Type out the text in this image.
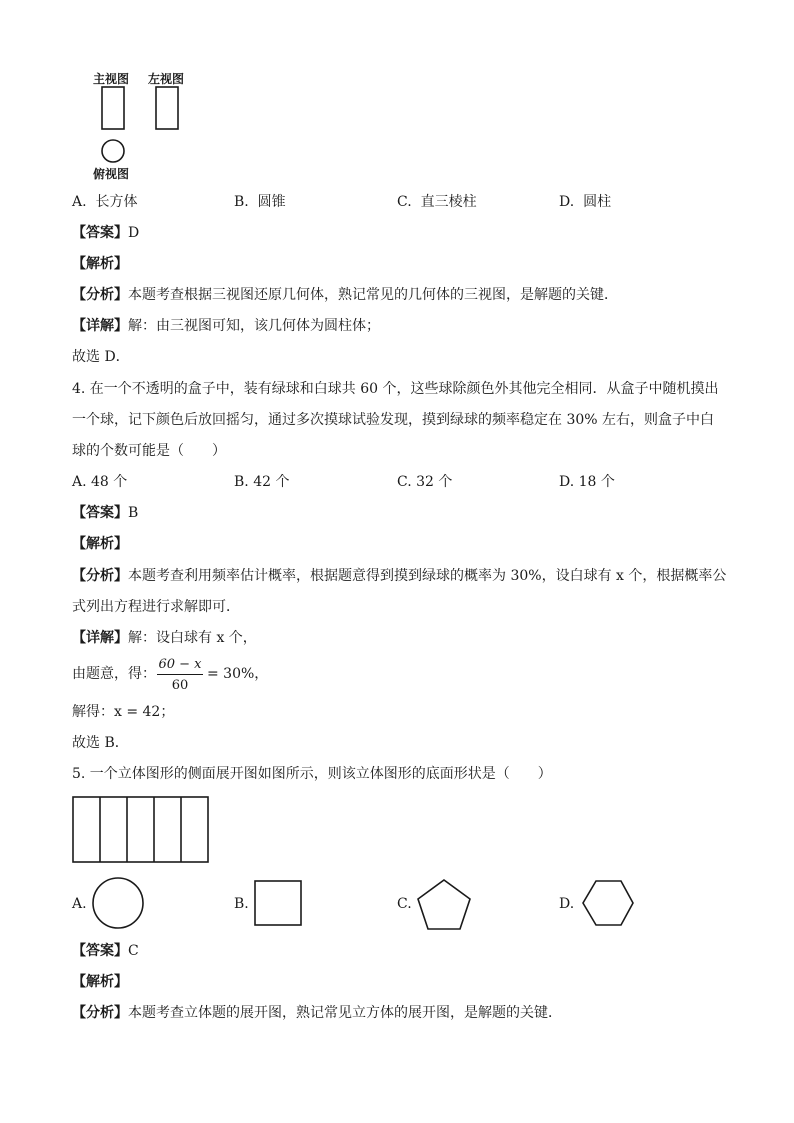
主视图 左视图
俯视图
A. 长方体	B. 圆锥	C. 直三棱柱	D. 圆柱
【答案】D
【解析】
【分析】本题考查根据三视图还原几何体，熟记常见的几何体的三视图，是解题的关键．
【详解】解：由三视图可知，该几何体为圆柱体；
故选 D．
4. 在一个不透明的盒子中，装有绿球和白球共 60 个，这些球除颜色外其他完全相同．从盒子中随机摸出
一个球，记下颜色后放回摇匀，通过多次摸球试验发现，摸到绿球的频率稳定在 30% 左右，则盒子中白
球的个数可能是（　　）
A. 48 个	B. 42 个	C. 32 个	D. 18 个
【答案】B
【解析】
【分析】本题考查利用频率估计概率，根据题意得到摸到绿球的概率为 30%，设白球有 x 个，根据概率公
式列出方程进行求解即可．
【详解】解：设白球有 x 个，
由题意，得：
60 − x
60
= 30%，
解得：x = 42；
故选 B．
5. 一个立体图形的侧面展开图如图所示，则该立体图形的底面形状是（　　）
A.	B.	C.	D.
【答案】C
【解析】
【分析】本题考查立体题的展开图，熟记常见立方体的展开图，是解题的关键．
